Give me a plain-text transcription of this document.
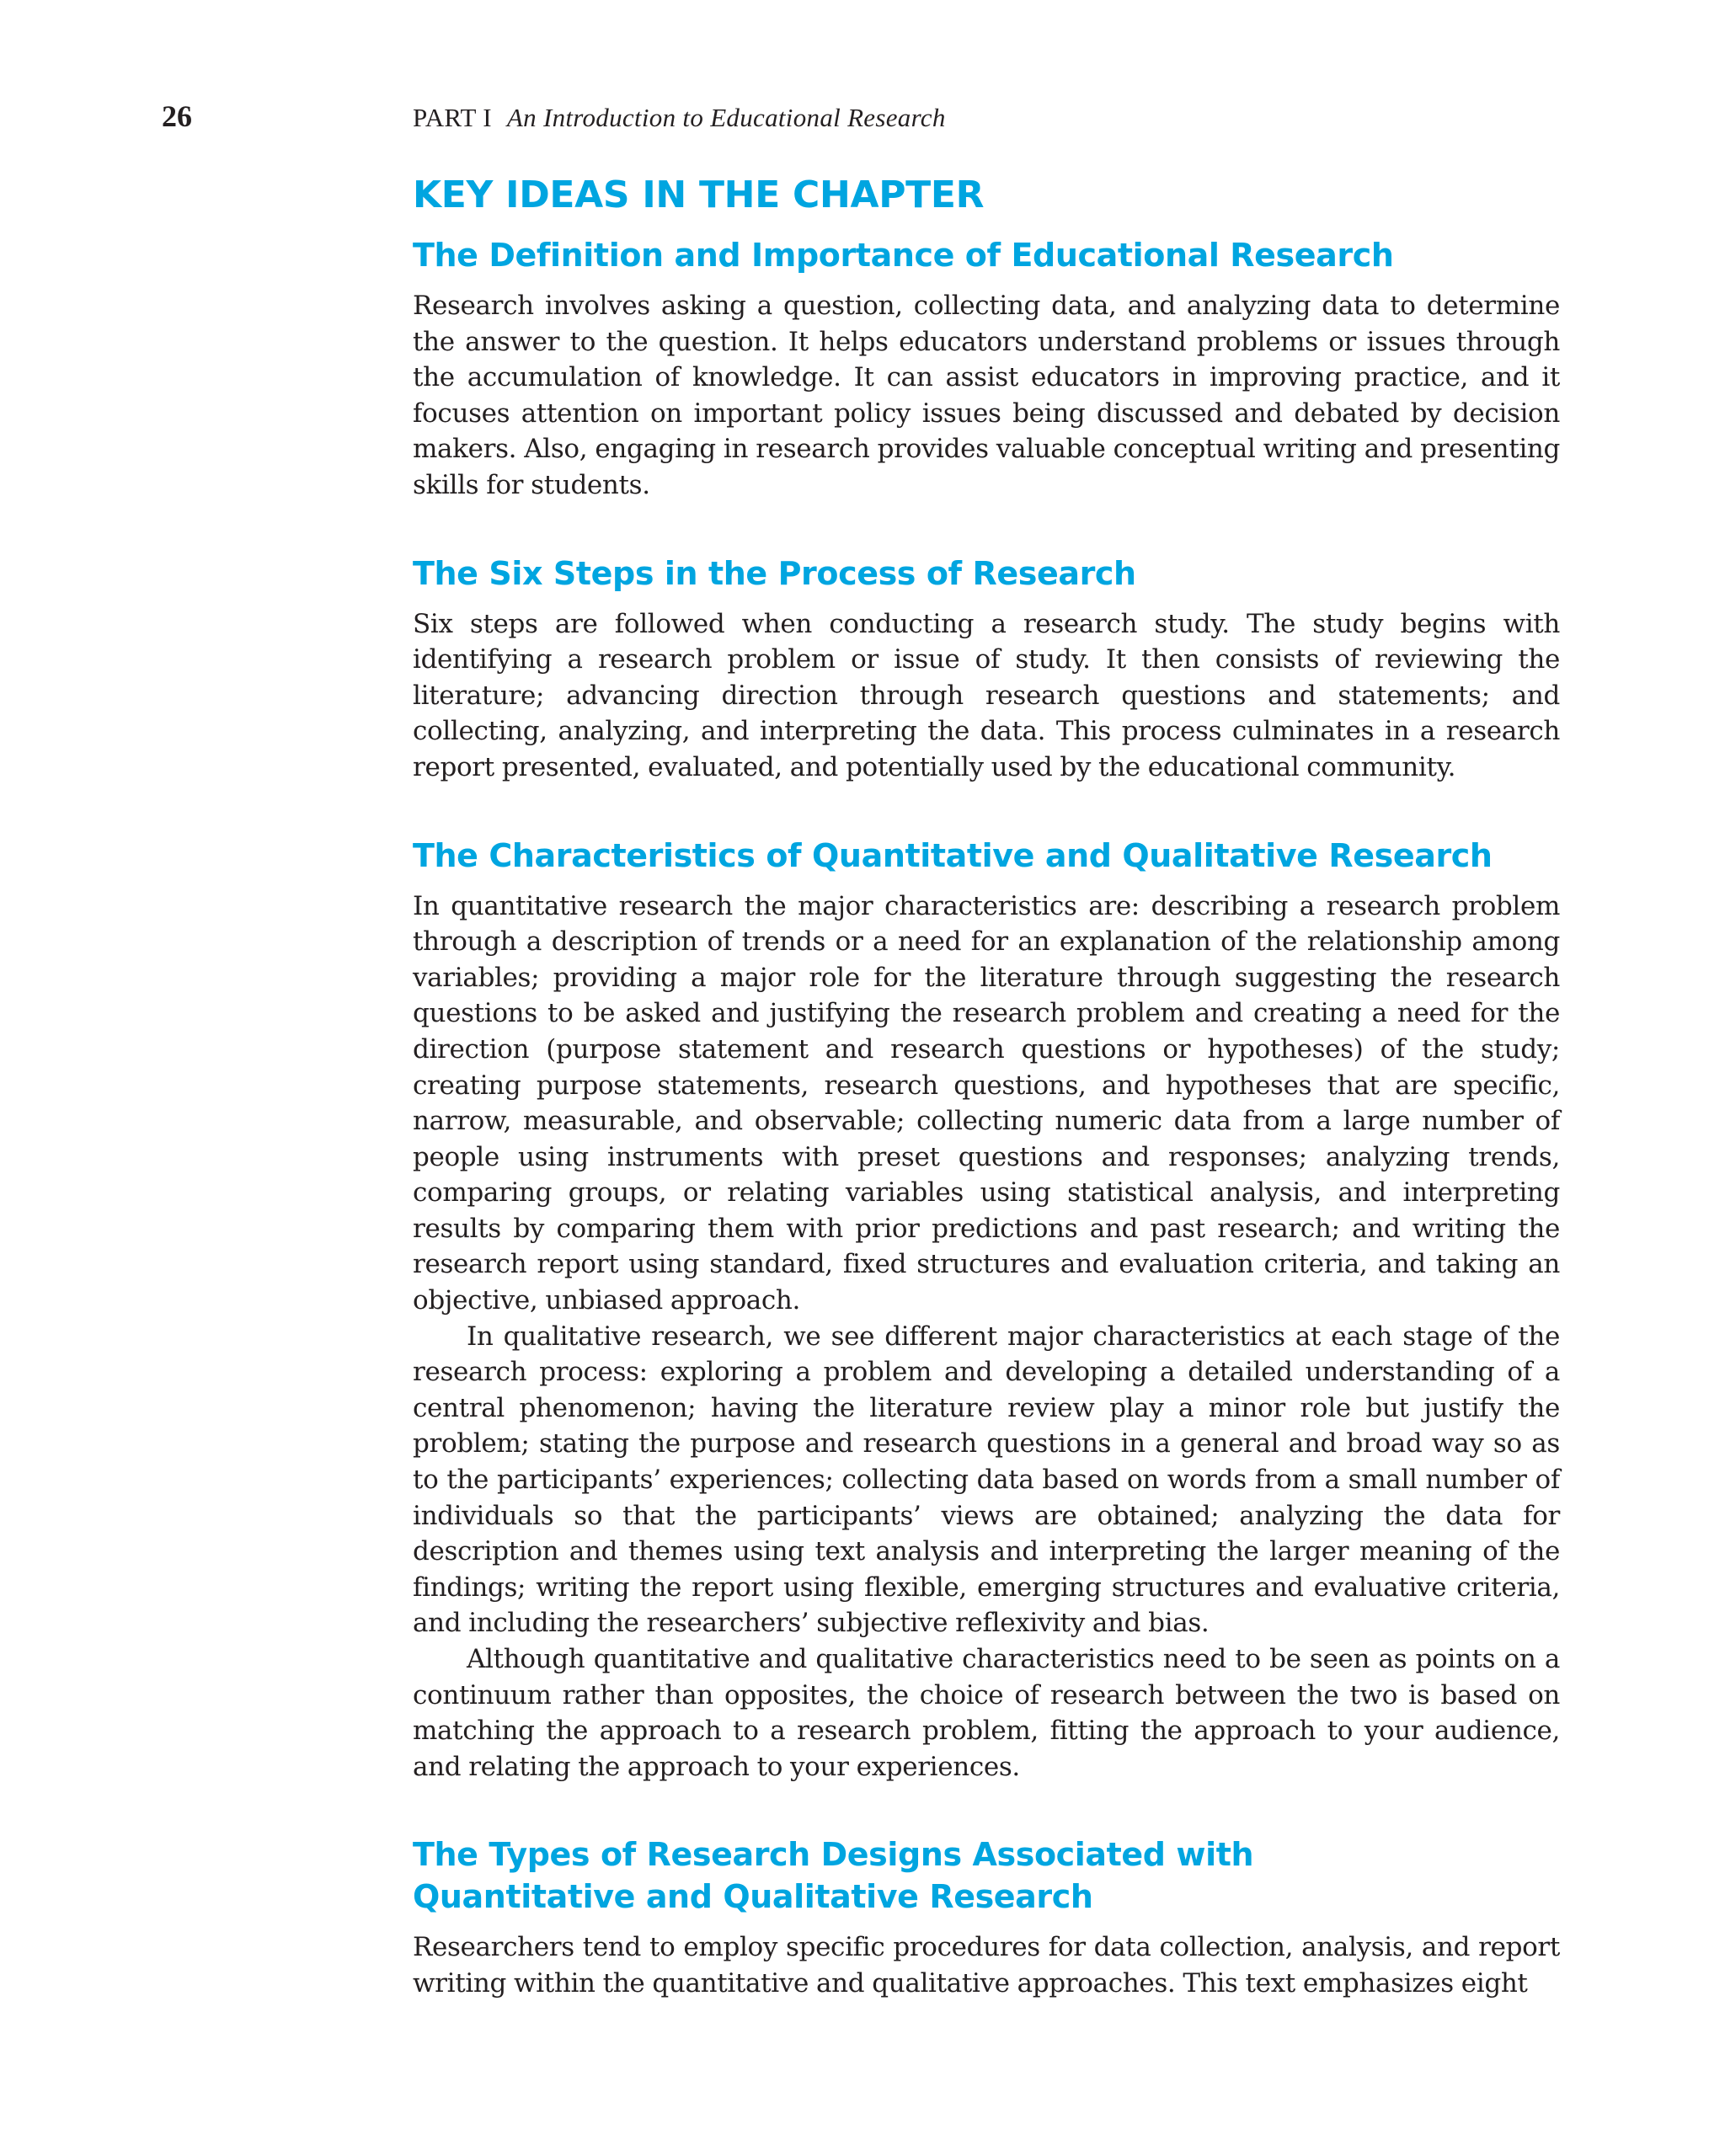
26	PART I An Introduction to Educational Research
KEY IDEAS IN THE CHAPTER
The Definition and Importance of Educational Research

Research involves asking a question, collecting data, and analyzing data to determine the answer to the question. It helps educators understand problems or issues through the accumulation of knowledge. It can assist educators in improving practice, and it focuses attention on important policy issues being discussed and debated by decision makers. Also, engaging in research provides valuable conceptual writing and presenting skills for students.

The Six Steps in the Process of Research

Six steps are followed when conducting a research study. The study begins with identifying a research problem or issue of study. It then consists of reviewing the literature; advancing direction through research questions and statements; and collecting, analyzing, and interpreting the data. This process culminates in a research report presented, evaluated, and potentially used by the educational community.

The Characteristics of Quantitative and Qualitative Research

In quantitative research the major characteristics are: describing a research problem through a description of trends or a need for an explanation of the relationship among variables; providing a major role for the literature through suggesting the research questions to be asked and justifying the research problem and creating a need for the direction (purpose statement and research questions or hypotheses) of the study; creating purpose statements, research questions, and hypotheses that are specific, narrow, measurable, and observable; collecting numeric data from a large number of people using instruments with preset questions and responses; analyzing trends, comparing groups, or relating variables using statistical analysis, and interpreting results by comparing them with prior predictions and past research; and writing the research report using standard, fixed structures and evaluation criteria, and taking an objective, unbiased approach.

In qualitative research, we see different major characteristics at each stage of the research process: exploring a problem and developing a detailed understanding of a central phenomenon; having the literature review play a minor role but justify the problem; stating the purpose and research questions in a general and broad way so as to the participants’ experiences; collecting data based on words from a small number of individuals so that the participants’ views are obtained; analyzing the data for description and themes using text analysis and interpreting the larger meaning of the findings; writing the report using flexible, emerging structures and evaluative criteria, and including the researchers’ subjective reflexivity and bias.

Although quantitative and qualitative characteristics need to be seen as points on a continuum rather than opposites, the choice of research between the two is based on matching the approach to a research problem, fitting the approach to your audience, and relating the approach to your experiences.

The Types of Research Designs Associated with
Quantitative and Qualitative Research

Researchers tend to employ specific procedures for data collection, analysis, and report writing within the quantitative and qualitative approaches. This text emphasizes eight
